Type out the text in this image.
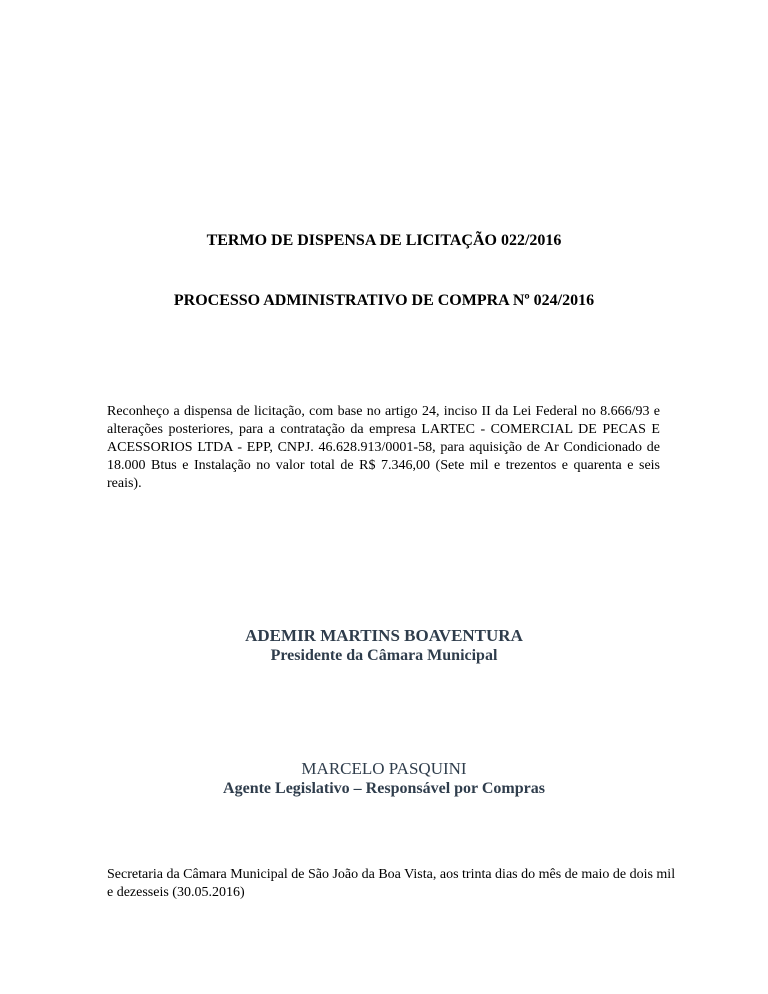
TERMO DE DISPENSA DE LICITAÇÃO 022/2016
PROCESSO ADMINISTRATIVO DE COMPRA Nº 024/2016
Reconheço a dispensa de licitação, com base no artigo 24, inciso II da Lei Federal no 8.666/93 e alterações posteriores, para a contratação da empresa LARTEC - COMERCIAL DE PECAS E ACESSORIOS LTDA - EPP, CNPJ. 46.628.913/0001-58, para aquisição de Ar Condicionado de 18.000 Btus e Instalação no valor total de R$ 7.346,00 (Sete mil e trezentos e quarenta e seis reais).
ADEMIR MARTINS BOAVENTURA
Presidente da Câmara Municipal
MARCELO PASQUINI
Agente Legislativo – Responsável por Compras
Secretaria da Câmara Municipal de São João da Boa Vista, aos trinta dias do mês de maio de dois mil e dezesseis (30.05.2016)
